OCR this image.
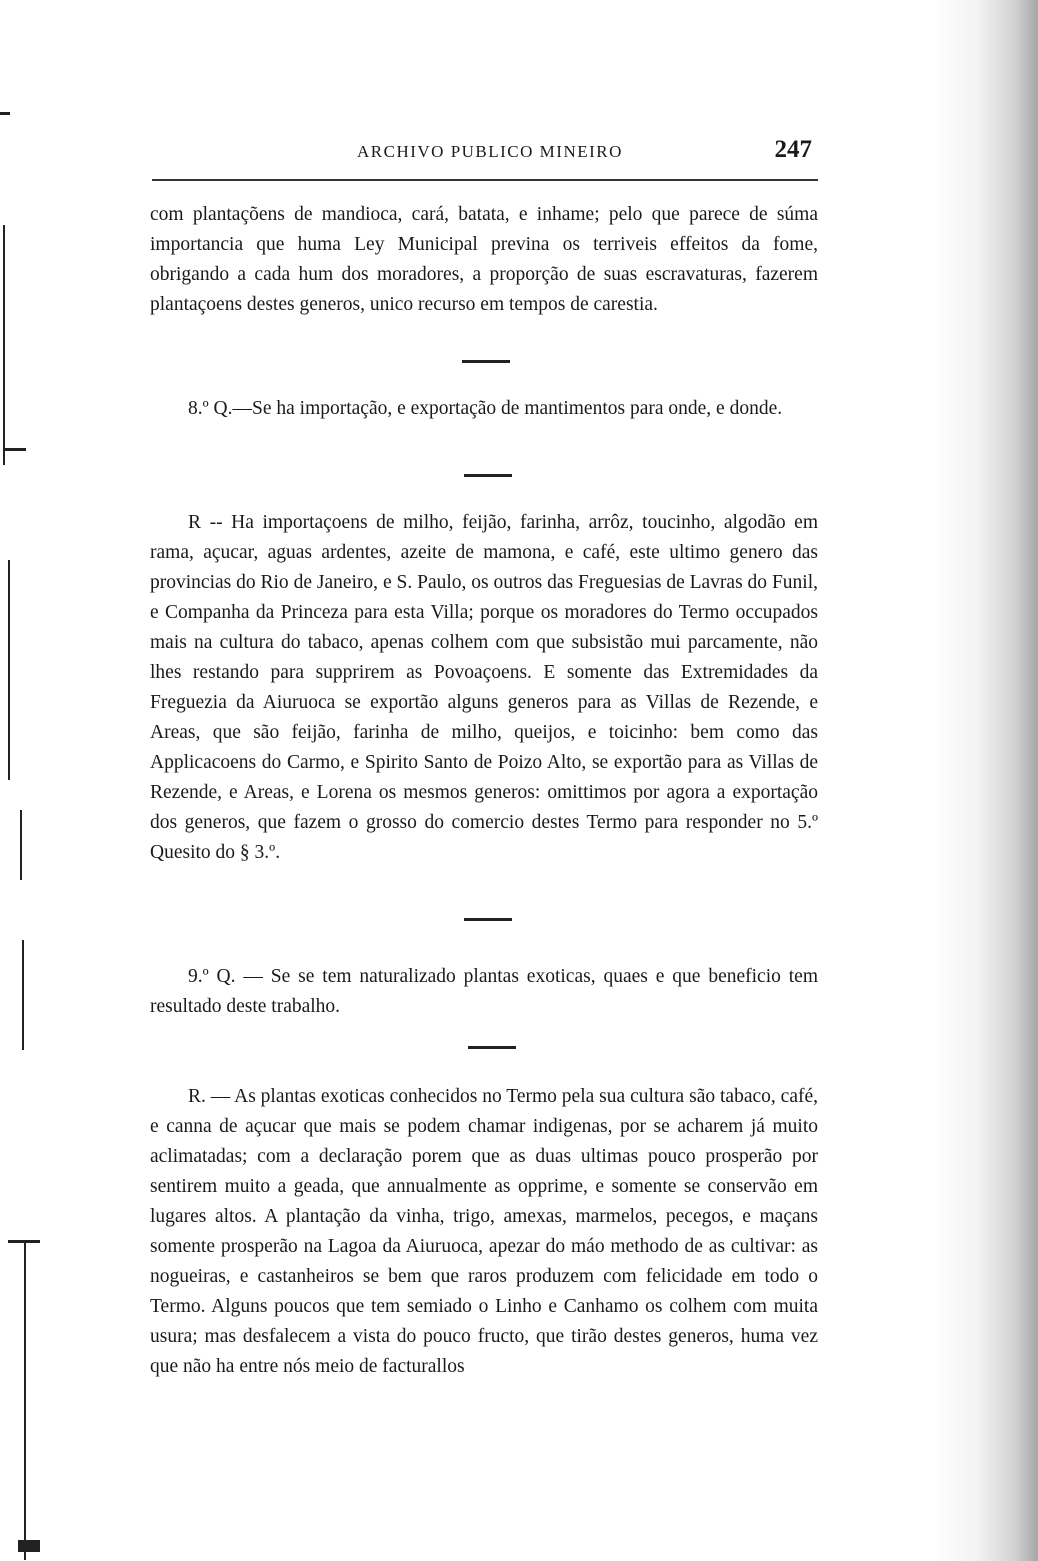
ARCHIVO PUBLICO MINEIRO	247

com plantaçõens de mandioca, cará, batata, e inhame; pelo que parece de súma importancia que huma Ley Municipal previna os terriveis effeitos da fome, obrigando a cada hum dos moradores, a proporção de suas escravaturas, fazerem plantaçoens destes generos, unico recurso em tempos de carestia.

8.º Q.—Se ha importação, e exportação de mantimentos para onde, e donde.

R -- Ha importaçoens de milho, feijão, farinha, arrôz, toucinho, algodão em rama, açucar, aguas ardentes, azeite de mamona, e café, este ultimo genero das provincias do Rio de Janeiro, e S. Paulo, os outros das Freguesias de Lavras do Funil, e Companha da Princeza para esta Villa; porque os moradores do Termo occupados mais na cultura do tabaco, apenas colhem com que subsistão mui parcamente, não lhes restando para supprirem as Povoaçoens. E somente das Extremidades da Freguezia da Aiuruoca se exportão alguns generos para as Villas de Rezende, e Areas, que são feijão, farinha de milho, queijos, e toicinho: bem como das Applicacoens do Carmo, e Spirito Santo de Poizo Alto, se exportão para as Villas de Rezende, e Areas, e Lorena os mesmos generos: omittimos por agora a exportação dos generos, que fazem o grosso do comercio destes Termo para responder no 5.º Quesito do § 3.º.

9.º Q. — Se se tem naturalizado plantas exoticas, quaes e que beneficio tem resultado deste trabalho.

R. — As plantas exoticas conhecidos no Termo pela sua cultura são tabaco, café, e canna de açucar que mais se podem chamar indigenas, por se acharem já muito aclimatadas; com a declaração porem que as duas ultimas pouco prosperão por sentirem muito a geada, que annualmente as opprime, e somente se conservão em lugares altos. A plantação da vinha, trigo, amexas, marmelos, pecegos, e maçans somente prosperão na Lagoa da Aiuruoca, apezar do máo methodo de as cultivar: as nogueiras, e castanheiros se bem que raros produzem com felicidade em todo o Termo. Alguns poucos que tem semiado o Linho e Canhamo os colhem com muita usura; mas desfalecem a vista do pouco fructo, que tirão destes generos, huma vez que não ha entre nós meio de facturallos
